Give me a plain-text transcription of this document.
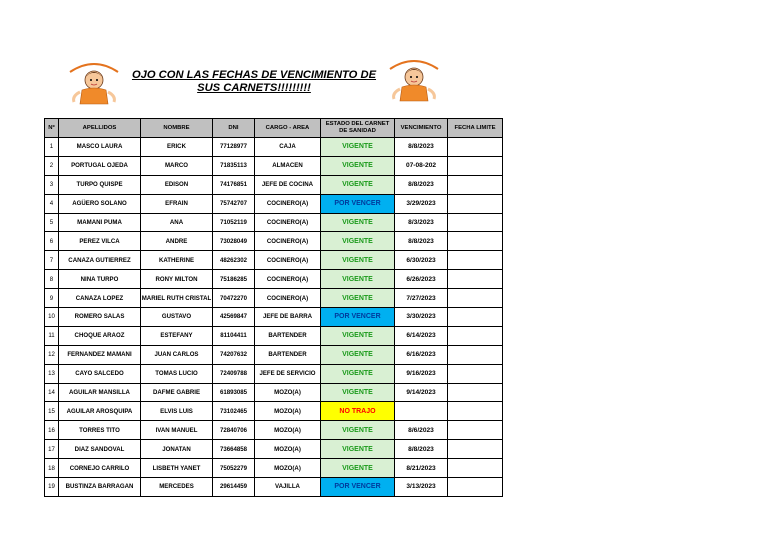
OJO CON LAS FECHAS DE VENCIMIENTO DE SUS CARNETS!!!!!!!!!
Nº	APELLIDOS	NOMBRE	DNI	CARGO - AREA	ESTADO DEL CARNET DE SANIDAD	VENCIMIENTO	FECHA LIMITE
1	MASCO LAURA	ERICK	77128977	CAJA	VIGENTE	8/8/2023	
2	PORTUGAL OJEDA	MARCO	71835113	ALMACEN	VIGENTE	07-08-202	
3	TURPO QUISPE	EDISON	74176851	JEFE DE COCINA	VIGENTE	8/8/2023	
4	AGÜERO SOLANO	EFRAIN	75742707	COCINERO(A)	POR VENCER	3/29/2023	
5	MAMANI PUMA	ANA	71052119	COCINERO(A)	VIGENTE	8/3/2023	
6	PEREZ VILCA	ANDRE	73028049	COCINERO(A)	VIGENTE	8/8/2023	
7	CANAZA GUTIERREZ	KATHERINE	48262302	COCINERO(A)	VIGENTE	6/30/2023	
8	NINA TURPO	RONY MILTON	75186285	COCINERO(A)	VIGENTE	6/26/2023	
9	CANAZA LOPEZ	MARIEL RUTH CRISTAL	70472270	COCINERO(A)	VIGENTE	7/27/2023	
10	ROMERO SALAS	GUSTAVO	42569847	JEFE DE BARRA	POR VENCER	3/30/2023	
11	CHOQUE ARAOZ	ESTEFANY	81104411	BARTENDER	VIGENTE	6/14/2023	
12	FERNANDEZ MAMANI	JUAN CARLOS	74207632	BARTENDER	VIGENTE	6/16/2023	
13	CAYO SALCEDO	TOMAS LUCIO	72409788	JEFE DE SERVICIO	VIGENTE	9/16/2023	
14	AGUILAR MANSILLA	DAFME GABRIE	61893085	MOZO(A)	VIGENTE	9/14/2023	
15	AGUILAR AROSQUIPA	ELVIS LUIS	73102465	MOZO(A)	NO TRAJO		
16	TORRES TITO	IVAN MANUEL	72840706	MOZO(A)	VIGENTE	8/6/2023	
17	DIAZ SANDOVAL	JONATAN	73664858	MOZO(A)	VIGENTE	8/8/2023	
18	CORNEJO CARRILO	LISBETH YANET	75052279	MOZO(A)	VIGENTE	8/21/2023	
19	BUSTINZA BARRAGAN	MERCEDES	29614459	VAJILLA	POR VENCER	3/13/2023	
